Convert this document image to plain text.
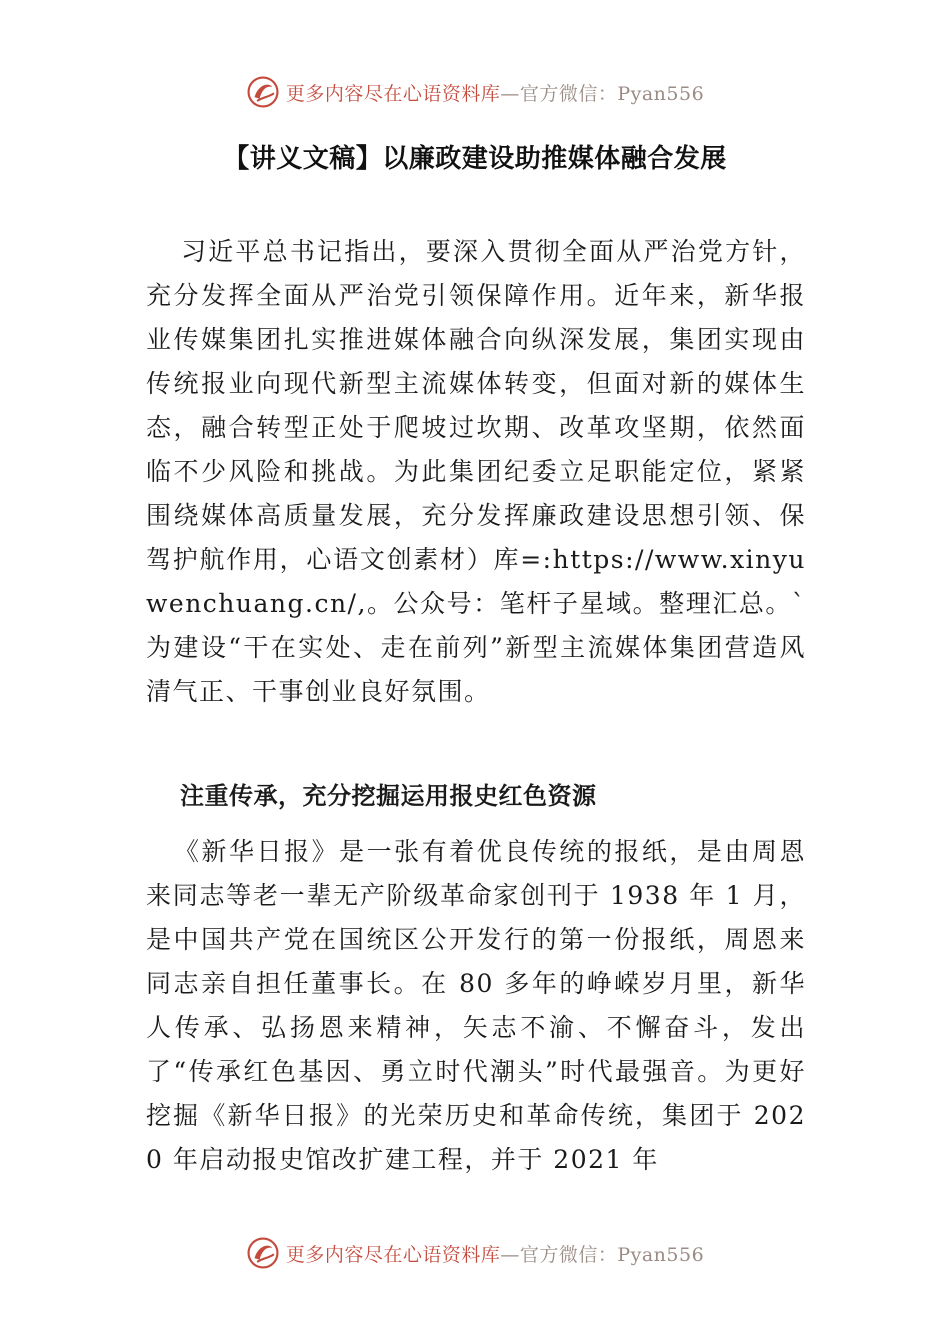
更多内容尽在心语资料库—官方微信：Pyan556
【讲义文稿】以廉政建设助推媒体融合发展
习近平总书记指出，要深入贯彻全面从严治党方针，充分发挥全面从严治党引领保障作用。近年来，新华报业传媒集团扎实推进媒体融合向纵深发展，集团实现由传统报业向现代新型主流媒体转变，但面对新的媒体生态，融合转型正处于爬坡过坎期、改革攻坚期，依然面临不少风险和挑战。为此集团纪委立足职能定位，紧紧围绕媒体高质量发展，充分发挥廉政建设思想引领、保驾护航作用，心语文创素材）库=:https://www.xinyuwenchuang.cn/,。公众号：笔杆子星域。整理汇总。`为建设“干在实处、走在前列”新型主流媒体集团营造风清气正、干事创业良好氛围。
注重传承，充分挖掘运用报史红色资源
《新华日报》是一张有着优良传统的报纸，是由周恩来同志等老一辈无产阶级革命家创刊于 1938 年 1 月，是中国共产党在国统区公开发行的第一份报纸，周恩来同志亲自担任董事长。在 80 多年的峥嵘岁月里，新华人传承、弘扬恩来精神，矢志不渝、不懈奋斗，发出了“传承红色基因、勇立时代潮头”时代最强音。为更好挖掘《新华日报》的光荣历史和革命传统，集团于 2020 年启动报史馆改扩建工程，并于 2021 年
更多内容尽在心语资料库—官方微信：Pyan556
